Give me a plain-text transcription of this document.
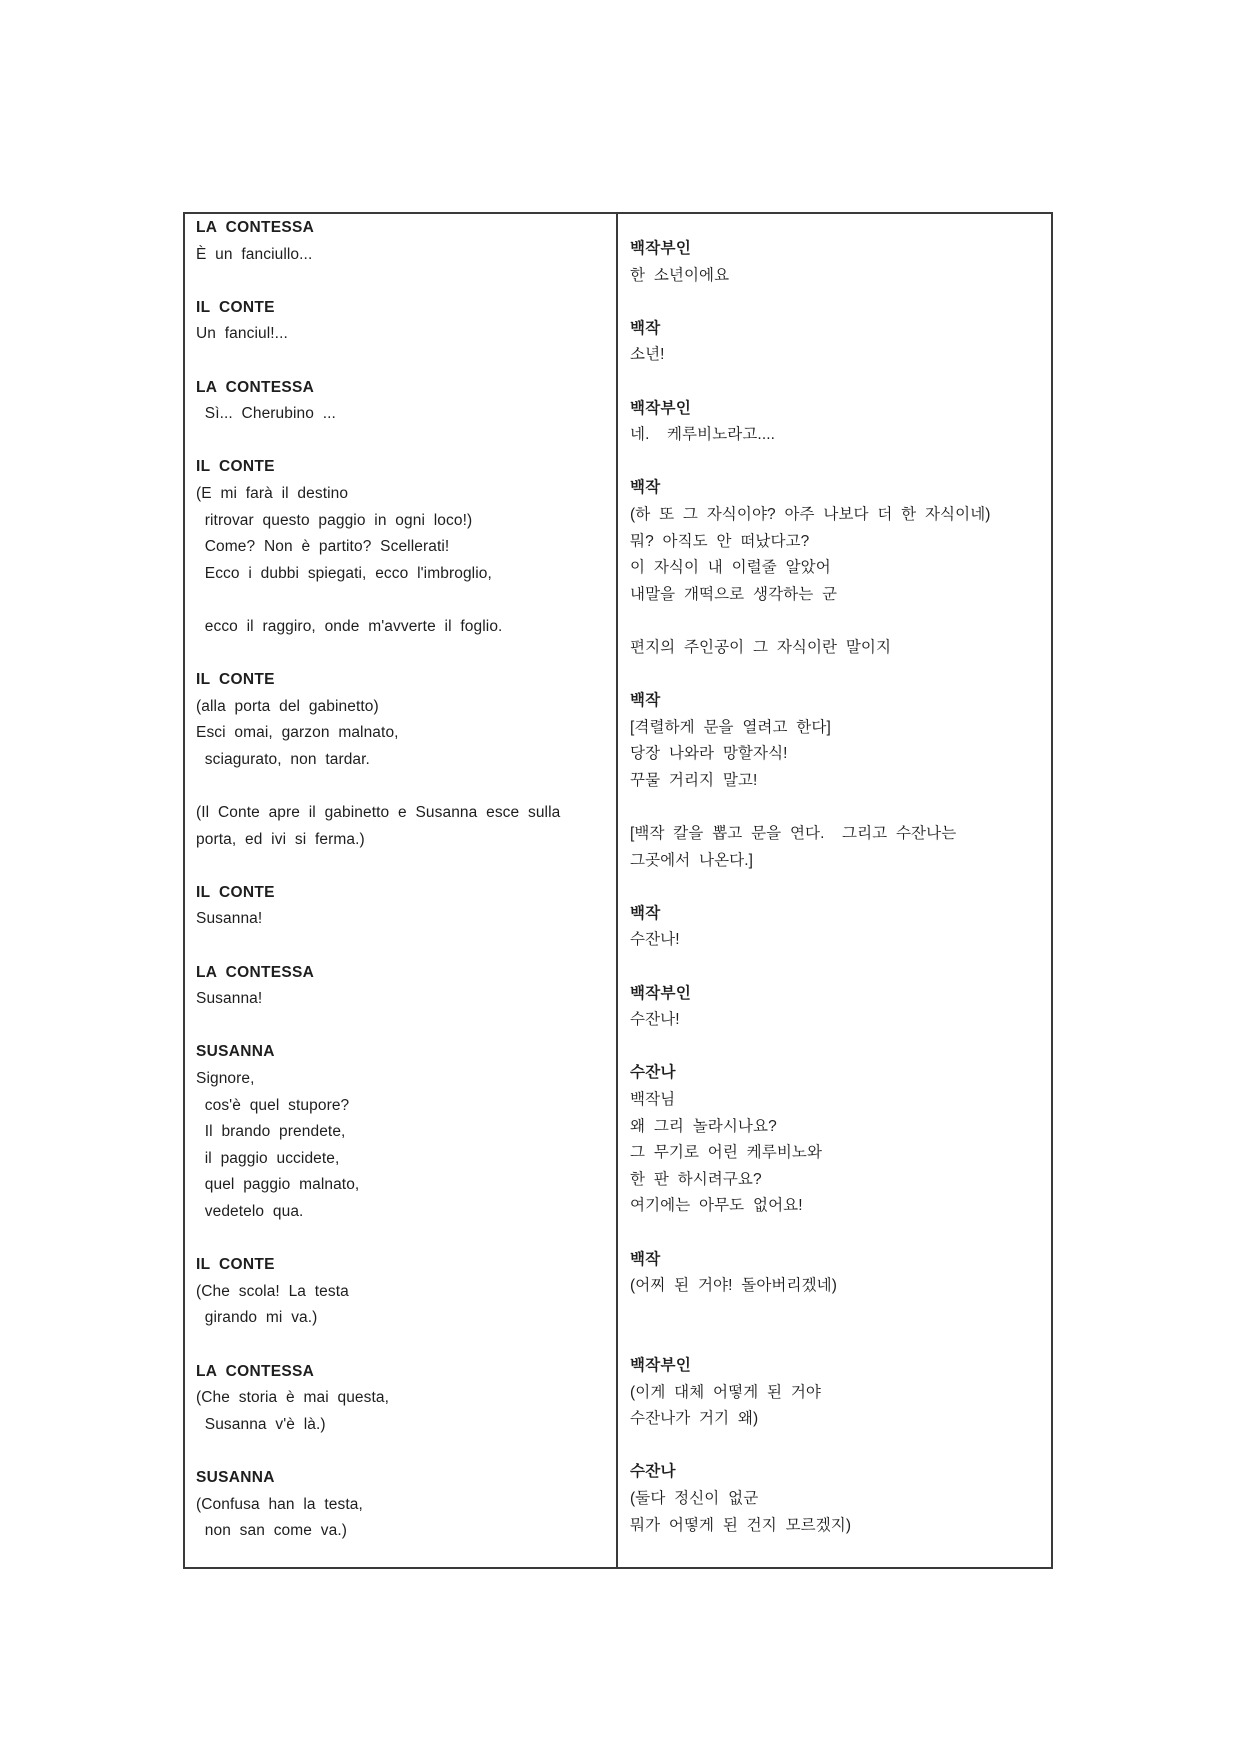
LA CONTESSA
È un fanciullo...

IL CONTE
Un fanciul!...

LA CONTESSA
Sì... Cherubino ...

IL CONTE
(E mi farà il destino
ritrovar questo paggio in ogni loco!)
Come? Non è partito? Scellerati!
Ecco i dubbi spiegati, ecco l'imbroglio,

ecco il raggiro, onde m'avverte il foglio.

IL CONTE
(alla porta del gabinetto)
Esci omai, garzon malnato,
sciagurato, non tardar.

(Il Conte apre il gabinetto e Susanna esce sulla
porta, ed ivi si ferma.)

IL CONTE
Susanna!

LA CONTESSA
Susanna!

SUSANNA
Signore,
cos'è quel stupore?
Il brando prendete,
il paggio uccidete,
quel paggio malnato,
vedetelo qua.

IL CONTE
(Che scola! La testa
girando mi va.)

LA CONTESSA
(Che storia è mai questa,
Susanna v'è là.)

SUSANNA
(Confusa han la testa,
non san come va.)
백작부인
한 소년이에요

백작
소년!

백작부인
네.  케루비노라고....

백작
(하 또 그 자식이야? 아주 나보다 더 한 자식이네)
뭐? 아직도 안 떠났다고?
이 자식이 내 이럴줄 알았어
내말을 개떡으로 생각하는 군

편지의 주인공이 그 자식이란 말이지

백작
[격렬하게 문을 열려고 한다]
당장 나와라 망할자식!
꾸물 거리지 말고!

[백작 칼을 뽑고 문을 연다.  그리고 수잔나는
그곳에서 나온다.]

백작
수잔나!

백작부인
수잔나!

수잔나
백작님
왜 그리 놀라시나요?
그 무기로 어린 케루비노와
한 판 하시려구요?
여기에는 아무도 없어요!

백작
(어찌 된 거야! 돌아버리겠네)

백작부인
(이게 대체 어떻게 된 거야
수잔나가 거기 왜)

수잔나
(둘다 정신이 없군
뭐가 어떻게 된 건지 모르겠지)
